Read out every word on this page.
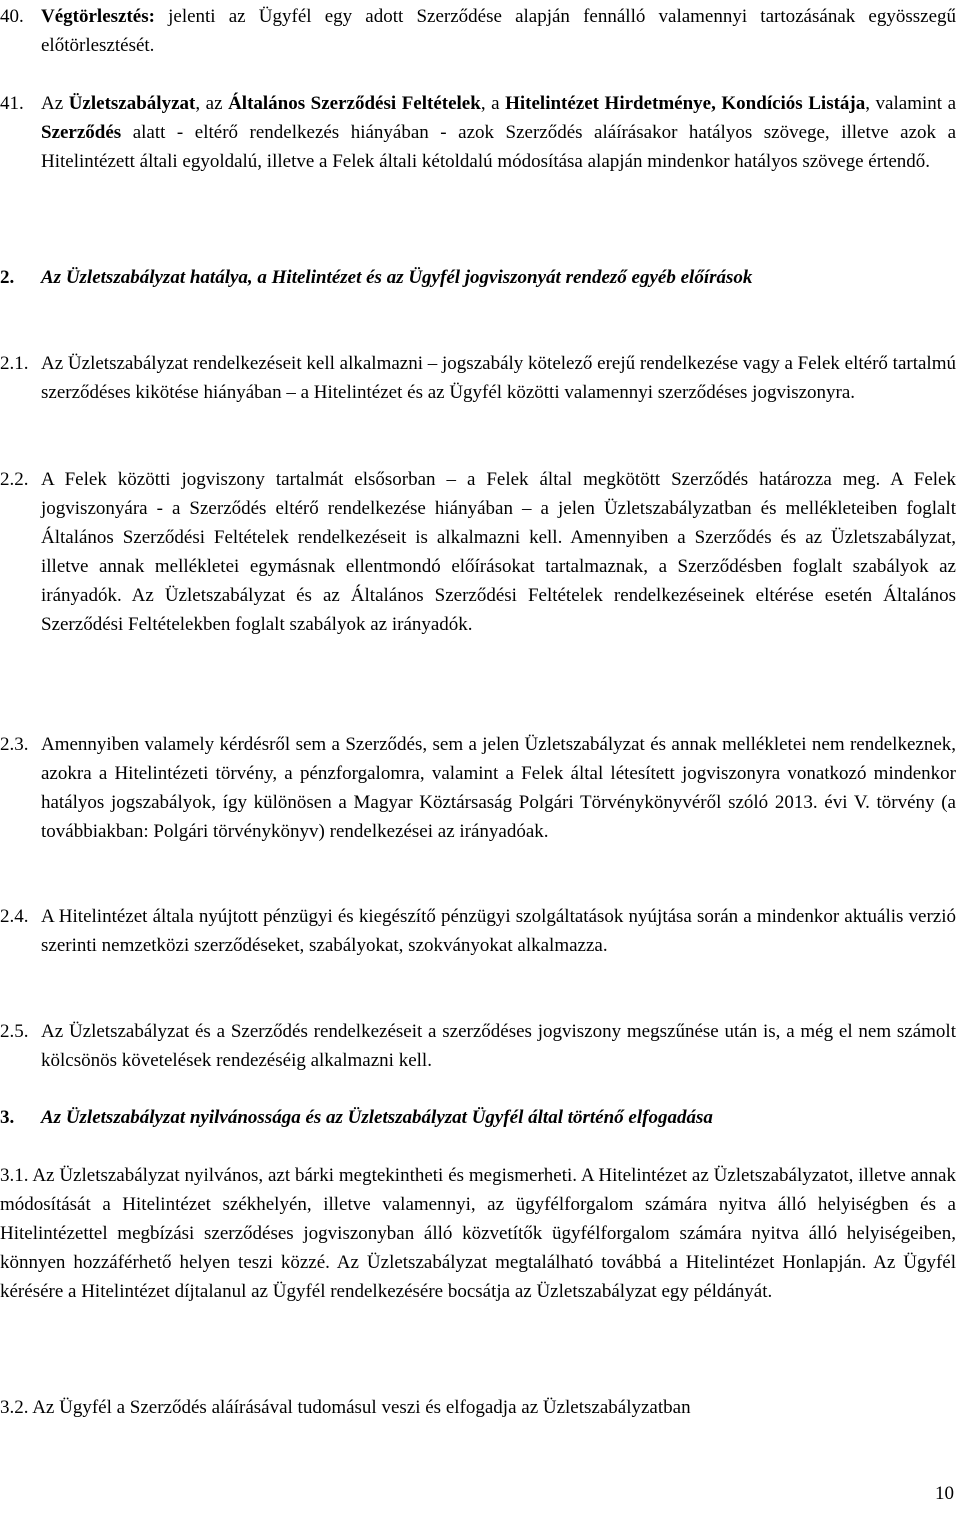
40. Végtörlesztés: jelenti az Ügyfél egy adott Szerződése alapján fennálló valamennyi tartozásának egyösszegű előtörlesztését.
41. Az Üzletszabályzat, az Általános Szerződési Feltételek, a Hitelintézet Hirdetménye, Kondíciós Listája, valamint a Szerződés alatt - eltérő rendelkezés hiányában - azok Szerződés aláírásakor hatályos szövege, illetve azok a Hitelintézett általi egyoldalú, illetve a Felek általi kétoldalú módosítása alapján mindenkor hatályos szövege értendő.
2.	Az Üzletszabályzat hatálya, a Hitelintézet és az Ügyfél jogviszonyát rendező egyéb előírások
2.1. Az Üzletszabályzat rendelkezéseit kell alkalmazni – jogszabály kötelező erejű rendelkezése vagy a Felek eltérő tartalmú szerződéses kikötése hiányában – a Hitelintézet és az Ügyfél közötti valamennyi szerződéses jogviszonyra.
2.2. A Felek közötti jogviszony tartalmát elsősorban – a Felek által megkötött Szerződés határozza meg. A Felek jogviszonyára - a Szerződés eltérő rendelkezése hiányában – a jelen Üzletszabályzatban és mellékleteiben foglalt Általános Szerződési Feltételek rendelkezéseit is alkalmazni kell. Amennyiben a Szerződés és az Üzletszabályzat, illetve annak mellékletei egymásnak ellentmondó előírásokat tartalmaznak, a Szerződésben foglalt szabályok az irányadók. Az Üzletszabályzat és az Általános Szerződési Feltételek rendelkezéseinek eltérése esetén Általános Szerződési Feltételekben foglalt szabályok az irányadók.
2.3. Amennyiben valamely kérdésről sem a Szerződés, sem a jelen Üzletszabályzat és annak mellékletei nem rendelkeznek, azokra a Hitelintézeti törvény, a pénzforgalomra, valamint a Felek által létesített jogviszonyra vonatkozó mindenkor hatályos jogszabályok, így különösen a Magyar Köztársaság Polgári Törvénykönyvéről szóló 2013. évi V. törvény (a továbbiakban: Polgári törvénykönyv) rendelkezései az irányadóak.
2.4. A Hitelintézet általa nyújtott pénzügyi és kiegészítő pénzügyi szolgáltatások nyújtása során a mindenkor aktuális verzió szerinti nemzetközi szerződéseket, szabályokat, szokványokat alkalmazza.
2.5. Az Üzletszabályzat és a Szerződés rendelkezéseit a szerződéses jogviszony megszűnése után is, a még el nem számolt kölcsönös követelések rendezéséig alkalmazni kell.
3.	Az Üzletszabályzat nyilvánossága és az Üzletszabályzat Ügyfél által történő elfogadása

3.1. Az Üzletszabályzat nyilvános, azt bárki megtekintheti és megismerheti. A Hitelintézet az Üzletszabályzatot, illetve annak módosítását a Hitelintézet székhelyén, illetve valamennyi, az ügyfélforgalom számára nyitva álló helyiségben és a Hitelintézettel megbízási szerződéses jogviszonyban álló közvetítők ügyfélforgalom számára nyitva álló helyiségeiben, könnyen hozzáférhető helyen teszi közzé. Az Üzletszabályzat megtalálható továbbá a Hitelintézet Honlapján. Az Ügyfél kérésére a Hitelintézet díjtalanul az Ügyfél rendelkezésére bocsátja az Üzletszabályzat egy példányát.

3.2. Az Ügyfél a Szerződés aláírásával tudomásul veszi és elfogadja az Üzletszabályzatban

10
